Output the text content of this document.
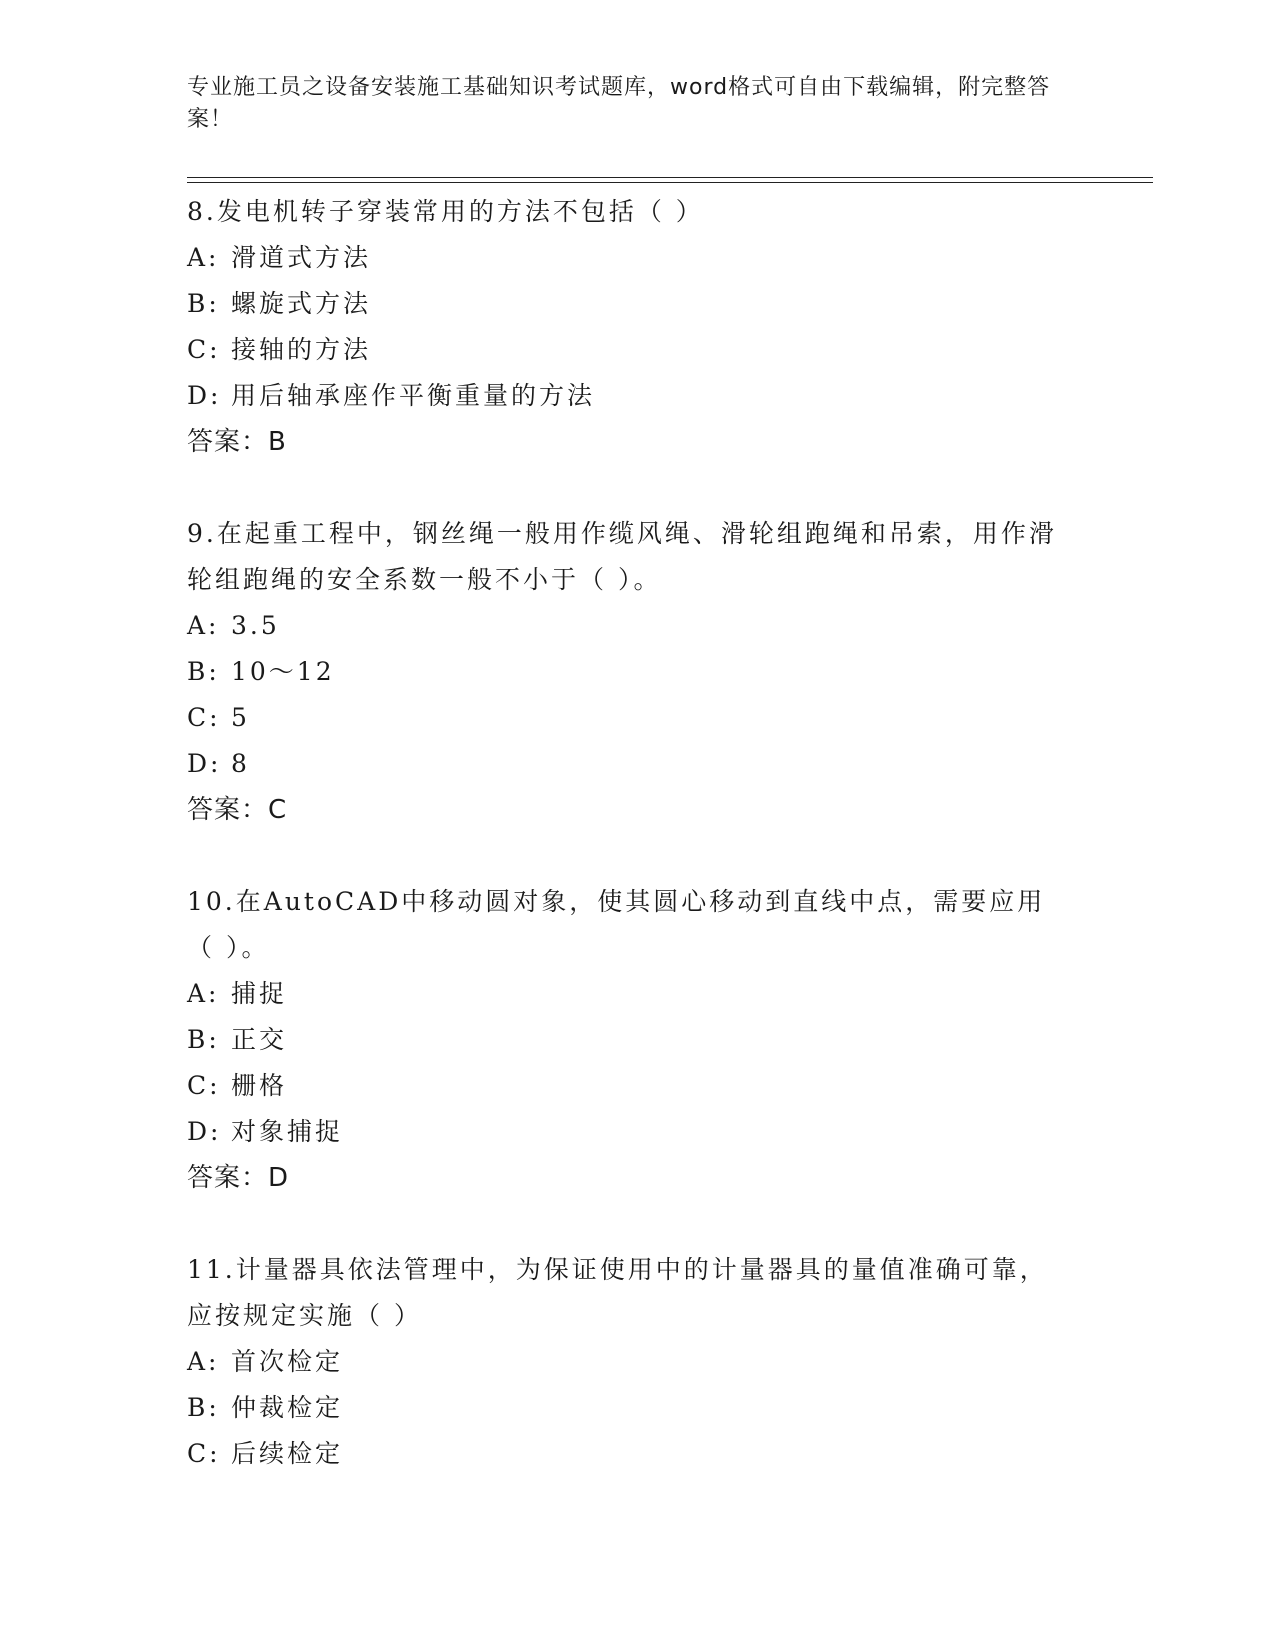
专业施工员之设备安装施工基础知识考试题库，word格式可自由下载编辑，附完整答案！

8.发电机转子穿装常用的方法不包括（ ）

A: 滑道式方法

B: 螺旋式方法

C: 接轴的方法

D: 用后轴承座作平衡重量的方法

答案：B

9.在起重工程中，钢丝绳一般用作缆风绳、滑轮组跑绳和吊索，用作滑轮组跑绳的安全系数一般不小于（ ）。

A: 3.5

B: 10～12

C: 5

D: 8

答案：C

10.在AutoCAD中移动圆对象，使其圆心移动到直线中点，需要应用（ ）。

A: 捕捉

B: 正交

C: 栅格

D: 对象捕捉

答案：D

11.计量器具依法管理中，为保证使用中的计量器具的量值准确可靠，应按规定实施（ ）

A: 首次检定

B: 仲裁检定

C: 后续检定
